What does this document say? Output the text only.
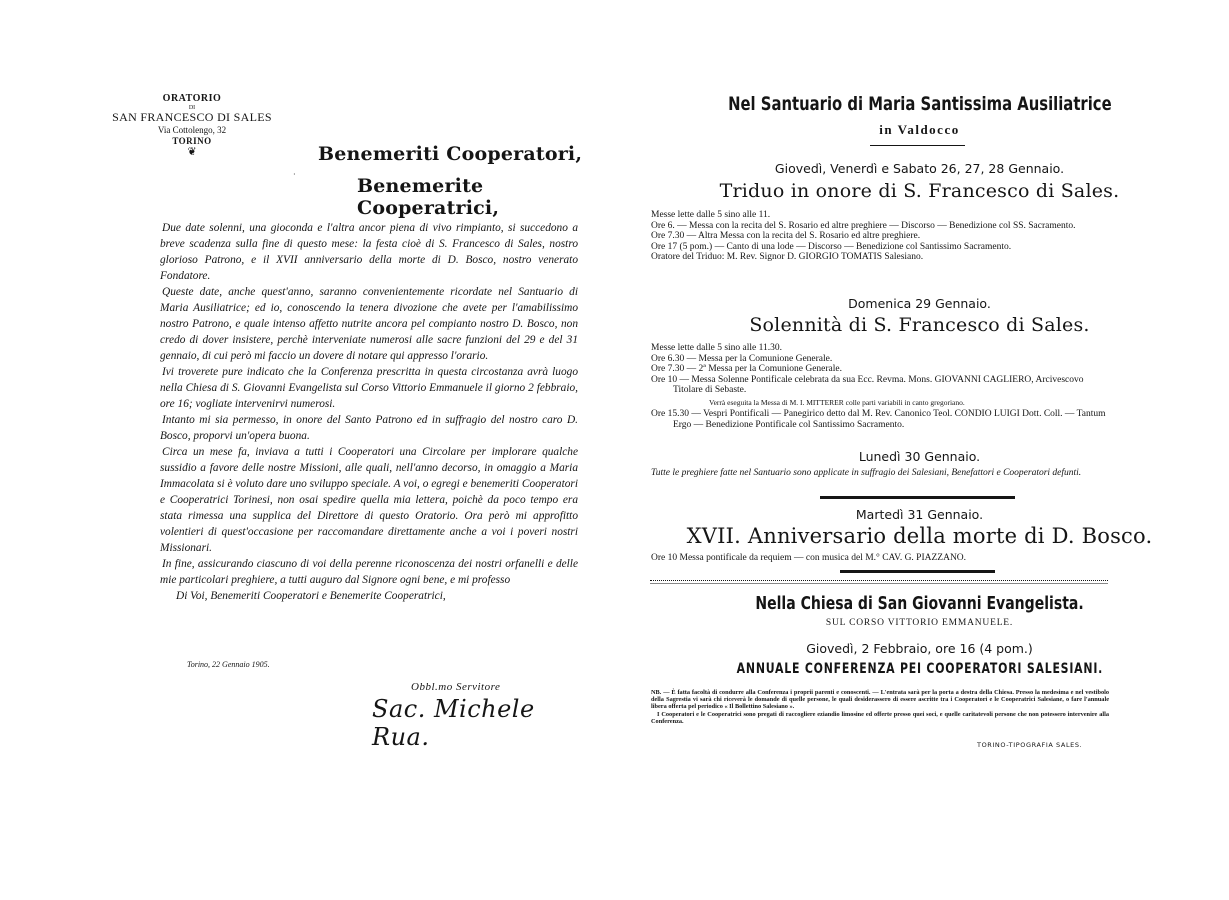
ORATORIO
DI
SAN FRANCESCO DI SALES
Via Cottolengo, 32
TORINO
❦	Benemeriti Cooperatori,
·
Benemerite Cooperatrici,

Due date solenni, una gioconda e l'altra ancor piena di vivo rimpianto, si succedono a breve scadenza sulla fine di questo mese: la festa cioè di S. Francesco di Sales, nostro glorioso Patrono, e il XVII anniversario della morte di D. Bosco, nostro venerato Fondatore.

Queste date, anche quest'anno, saranno convenientemente ricordate nel Santuario di Maria Ausiliatrice; ed io, conoscendo la tenera divozione che avete per l'amabilissimo nostro Patrono, e quale intenso affetto nutrite ancora pel compianto nostro D. Bosco, non credo di dover insistere, perchè interveniate numerosi alle sacre funzioni del 29 e del 31 gennaio, di cui però mi faccio un dovere di notare qui appresso l'orario.

Ivi troverete pure indicato che la Conferenza prescritta in questa circostanza avrà luogo nella Chiesa di S. Giovanni Evangelista sul Corso Vittorio Emmanuele il giorno 2 febbraio, ore 16; vogliate intervenirvi numerosi.

Intanto mi sia permesso, in onore del Santo Patrono ed in suffragio del nostro caro D. Bosco, proporvi un'opera buona.

Circa un mese fa, inviava a tutti i Cooperatori una Circolare per implorare qualche sussidio a favore delle nostre Missioni, alle quali, nell'anno decorso, in omaggio a Maria Immacolata si è voluto dare uno sviluppo speciale. A voi, o egregi e benemeriti Cooperatori e Cooperatrici Torinesi, non osai spedire quella mia lettera, poichè da poco tempo era stata rimessa una supplica del Direttore di questo Oratorio. Ora però mi approfitto volentieri di quest'occasione per raccomandare direttamente anche a voi i poveri nostri Missionari.

In fine, assicurando ciascuno di voi della perenne riconoscenza dei nostri orfanelli e delle mie particolari preghiere, a tutti auguro dal Signore ogni bene, e mi professo

Di Voi, Benemeriti Cooperatori e Benemerite Cooperatrici,

Torino, 22 Gennaio 1905.
Obbl.mo Servitore
Sac. Michele Rua.
Nel Santuario di Maria Santissima Ausiliatrice
in Valdocco
Giovedì, Venerdì e Sabato 26, 27, 28 Gennaio.
Triduo in onore di S. Francesco di Sales.

Messe lette dalle 5 sino alle 11.

Ore 6. — Messa con la recita del S. Rosario ed altre preghiere — Discorso — Benedizione col SS. Sacramento.

Ore 7.30 — Altra Messa con la recita del S. Rosario ed altre preghiere.

Ore 17 (5 pom.) — Canto di una lode — Discorso — Benedizione col Santissimo Sacramento.

Oratore del Triduo: M. Rev. Signor D. GIORGIO TOMATIS Salesiano.

Domenica 29 Gennaio.
Solennità di S. Francesco di Sales.

Messe lette dalle 5 sino alle 11.30.

Ore 6.30 — Messa per la Comunione Generale.

Ore 7.30 — 2ª Messa per la Comunione Generale.

Ore 10 — Messa Solenne Pontificale celebrata da sua Ecc. Revma. Mons. GIOVANNI CAGLIERO, Arcivescovo Titolare di Sebaste.

Verrà eseguita la Messa di M. I. MITTERER colle parti variabili in canto gregoriano.

Ore 15.30 — Vespri Pontificali — Panegirico detto dal M. Rev. Canonico Teol. CONDIO LUIGI Dott. Coll. — Tantum Ergo — Benedizione Pontificale col Santissimo Sacramento.

Lunedì 30 Gennaio.
Tutte le preghiere fatte nel Santuario sono applicate in suffragio dei Salesiani, Benefattori e Cooperatori defunti.
Martedì 31 Gennaio.
XVII. Anniversario della morte di D. Bosco.

Ore 10 Messa pontificale da requiem — con musica del M.° CAV. G. PIAZZANO.

Nella Chiesa di San Giovanni Evangelista.
SUL CORSO VITTORIO EMMANUELE.
Giovedì, 2 Febbraio, ore 16 (4 pom.)
ANNUALE CONFERENZA PEI COOPERATORI SALESIANI.

NB. — È fatta facoltà di condurre alla Conferenza i proprii parenti e conoscenti. — L'entrata sarà per la porta a destra della Chiesa. Presso la medesima e nel vestibolo della Sagrestia vi sarà chi riceverà le domande di quelle persone, le quali desiderassero di essere ascritte tra i Cooperatori e le Cooperatrici Salesiane, o fare l'annuale libera offerta pel periodico « Il Bollettino Salesiano ».

I Cooperatori e le Cooperatrici sono pregati di raccogliere eziandio limosine ed offerte presso quei soci, e quelle caritatevoli persone che non potessero intervenire alla Conferenza.

TORINO-TIPOGRAFIA SALES.
